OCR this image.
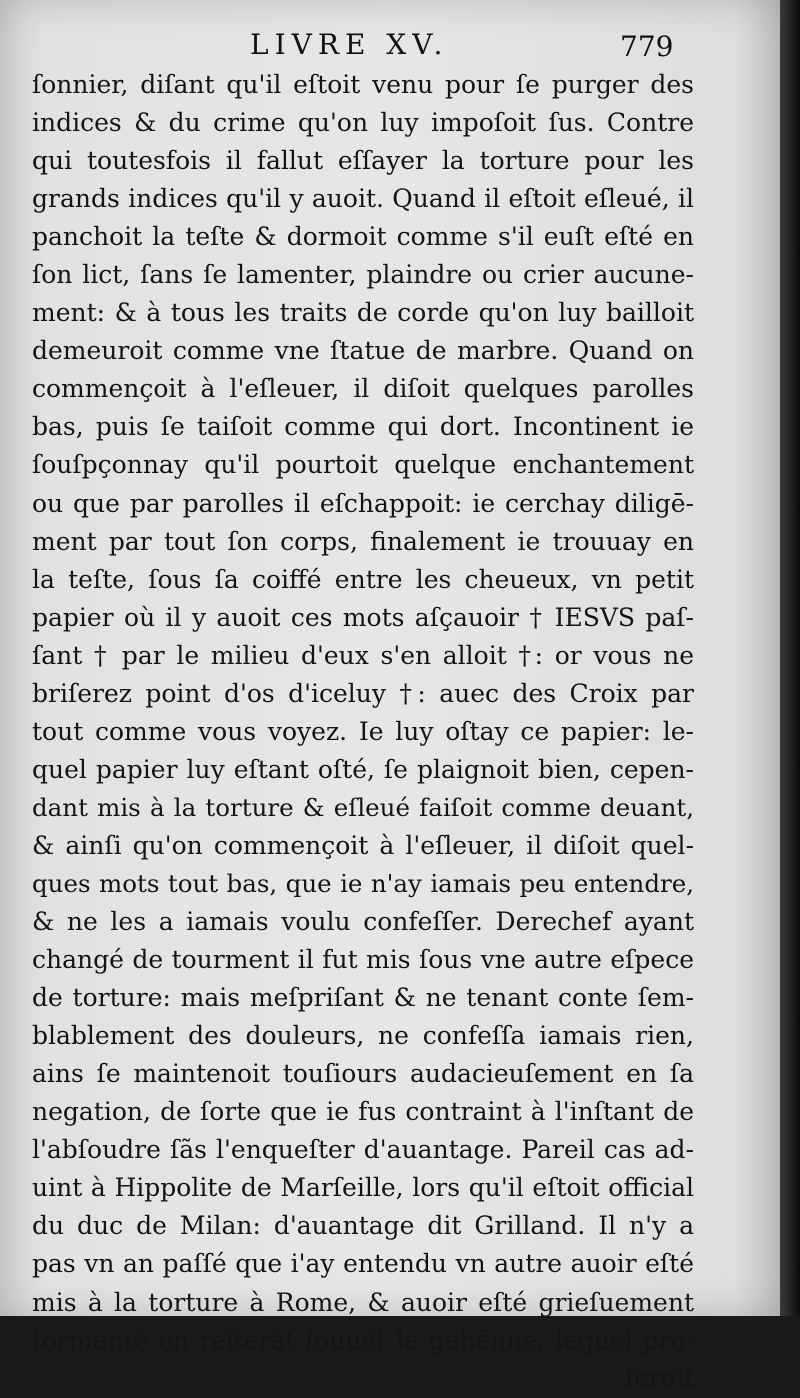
LIVRE XV.	779
ſonnier, diſant qu'il eſtoit venu pour ſe purger des
indices & du crime qu'on luy impoſoit ſus. Contre
qui toutesfois il fallut eſſayer la torture pour les
grands indices qu'il y auoit. Quand il eſtoit eſleué, il
panchoit la teſte & dormoit comme s'il euſt eſté en
ſon lict, ſans ſe lamenter, plaindre ou crier aucune-
ment: & à tous les traits de corde qu'on luy bailloit
demeuroit comme vne ſtatue de marbre. Quand on
commençoit à l'eſleuer, il diſoit quelques parolles
bas, puis ſe taiſoit comme qui dort. Incontinent ie
ſouſpçonnay qu'il pourtoit quelque enchantement
ou que par parolles il eſchappoit: ie cerchay diligē-
ment par tout ſon corps, finalement ie trouuay en
la teſte, ſous ſa coiffé entre les cheueux, vn petit
papier où il y auoit ces mots aſçauoir † IESVS paſ-
ſant † par le milieu d'eux s'en alloit †: or vous ne
briſerez point d'os d'iceluy †: auec des Croix par
tout comme vous voyez. Ie luy oſtay ce papier: le-
quel papier luy eſtant oſté, ſe plaignoit bien, cepen-
dant mis à la torture & eſleué faiſoit comme deuant,
& ainſi qu'on commençoit à l'eſleuer, il diſoit quel-
ques mots tout bas, que ie n'ay iamais peu entendre,
& ne les a iamais voulu confeſſer. Derechef ayant
changé de tourment il fut mis ſous vne autre eſpece
de torture: mais meſpriſant & ne tenant conte ſem-
blablement des douleurs, ne confeſſa iamais rien,
ains ſe maintenoit touſiours audacieuſement en ſa
negation, de ſorte que ie fus contraint à l'inſtant de
l'abſoudre ſãs l'enqueſter d'auantage. Pareil cas ad-
uint à Hippolite de Marſeille, lors qu'il eſtoit official
du duc de Milan: d'auantage dit Grilland. Il n'y a
pas vn an paſſé que i'ay entendu vn autre auoir eſté
mis à la torture à Rome, & auoir eſté grieſuement
tormenté en reïterãt ſouuẽt la gehẽnne, lequel pro-
feroit
